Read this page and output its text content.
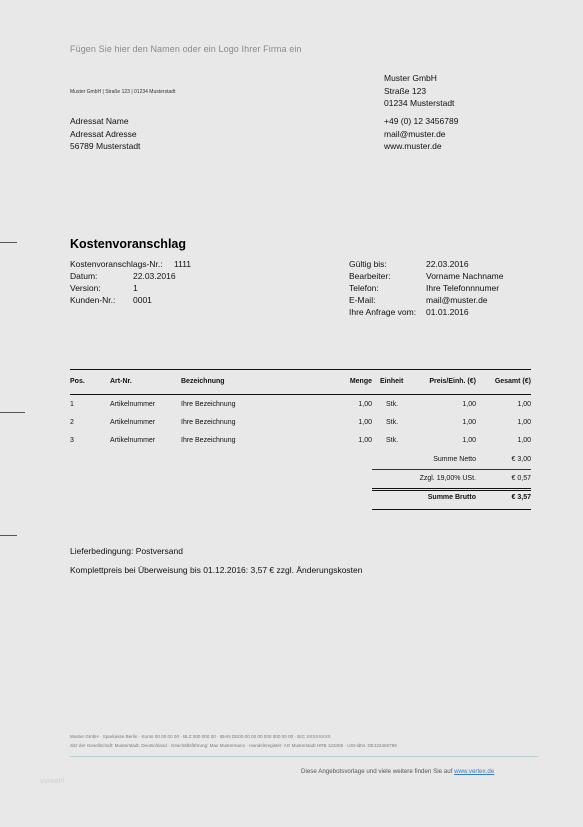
Fügen Sie hier den Namen oder ein Logo Ihrer Firma ein
Muster GmbH | Straße 123 | 01234 Musterstadt
Muster GmbH
Straße 123
01234 Musterstadt
+49 (0) 12 3456789
mail@muster.de
www.muster.de
Adressat Name
Adressat Adresse
56789 Musterstadt
Kostenvoranschlag
Kostenvoranschlags-Nr.:	1111
Datum:	22.03.2016
Version:	1
Kunden-Nr.:	0001
Gültig bis:	22.03.2016
Bearbeiter:	Vorname Nachname
Telefon:	Ihre Telefonnnumer
E-Mail:	mail@muster.de
Ihre Anfrage vom:	01.01.2016
Pos.	Art-Nr.	Bezeichnung	Menge Einheit	Preis/Einh. (€)	Gesamt (€)
1	Artikelnummer	Ihre Bezeichnung	1,00 Stk.	1,00	1,00
2	Artikelnummer	Ihre Bezeichnung	1,00 Stk.	1,00	1,00
3	Artikelnummer	Ihre Bezeichnung	1,00 Stk.	1,00	1,00
Summe Netto	€ 3,00
Zzgl. 19,00% USt.	€ 0,57
Summe Brutto	€ 3,57
Lieferbedingung: Postversand
Komplettpreis bei Überweisung bis 01.12.2016: 3,57 € zzgl. Änderungskosten
Muster GmbH · Sparkasse Berlin · Konto 00 00 00 00 · BLZ 000 000 00 · IBAN DE00 00 00 00 000 000 00 00 · BIC XXXXXXXX
Sitz der Gesellschaft: Musterstadt, Deutschland · Geschäftsführung: Max Mustermann · Handelsregister: AG Musterstadt HRB 123456 · USt-IdNr. DE123456789
Diese Angebotsvorlage und viele weitere finden Sie auf www.vertex.de
vorwahl
